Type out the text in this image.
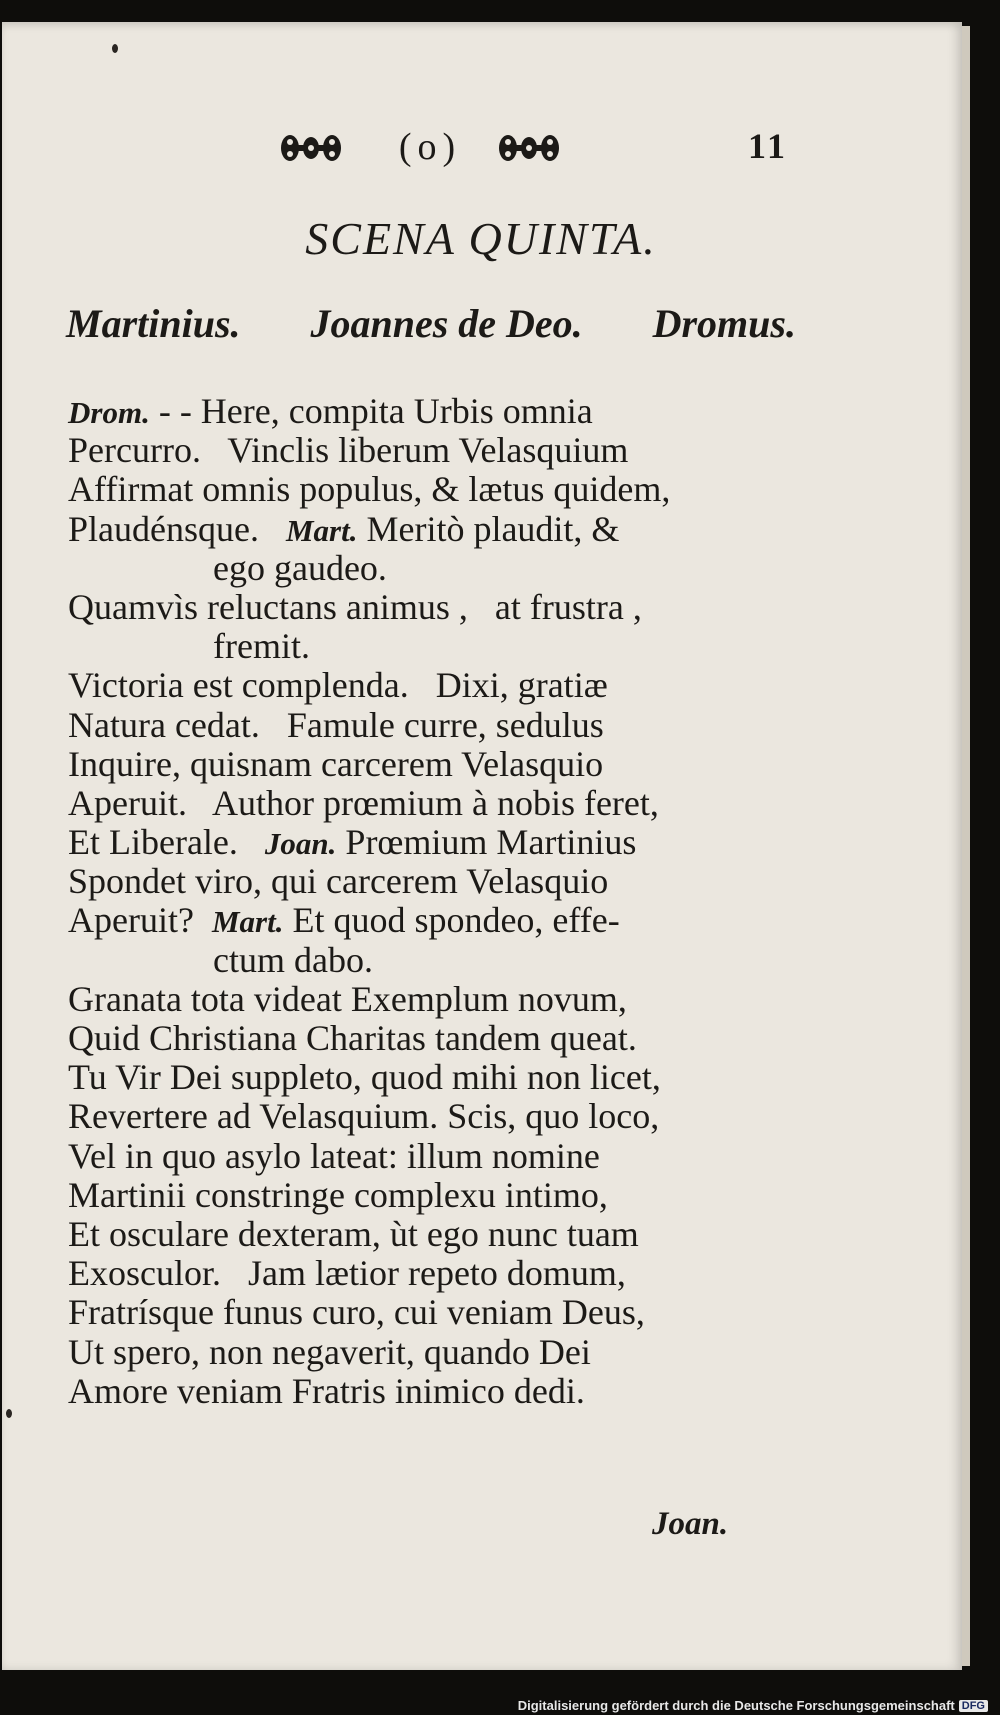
(o)	11
SCENA QUINTA.
Martinius. Joannes de Deo. Dromus.
Drom. - - Here, compita Urbis omnia
Percurro.   Vinclis liberum Velasquium
Affirmat omnis populus, & lætus quidem,
Plaudénsque.   Mart. Meritò plaudit, &
ego gaudeo.
Quamvìs reluctans animus ,   at frustra ,
fremit.
Victoria est complenda.   Dixi, gratiæ
Natura cedat.   Famule curre, sedulus
Inquire, quisnam carcerem Velasquio
Aperuit.   Author prœmium à nobis feret,
Et Liberale.   Joan. Prœmium Martinius
Spondet viro, qui carcerem Velasquio
Aperuit?  Mart. Et quod spondeo, effe-
ctum dabo.
Granata tota videat Exemplum novum,
Quid Christiana Charitas tandem queat.
Tu Vir Dei suppleto, quod mihi non licet,
Revertere ad Velasquium. Scis, quo loco,
Vel in quo asylo lateat: illum nomine
Martinii constringe complexu intimo,
Et osculare dexteram, ùt ego nunc tuam
Exosculor.   Jam lætior repeto domum,
Fratrísque funus curo, cui veniam Deus,
Ut spero, non negaverit, quando Dei
Amore veniam Fratris inimico dedi.
Joan.
Digitalisierung gefördert durch die Deutsche Forschungsgemeinschaft DFG
